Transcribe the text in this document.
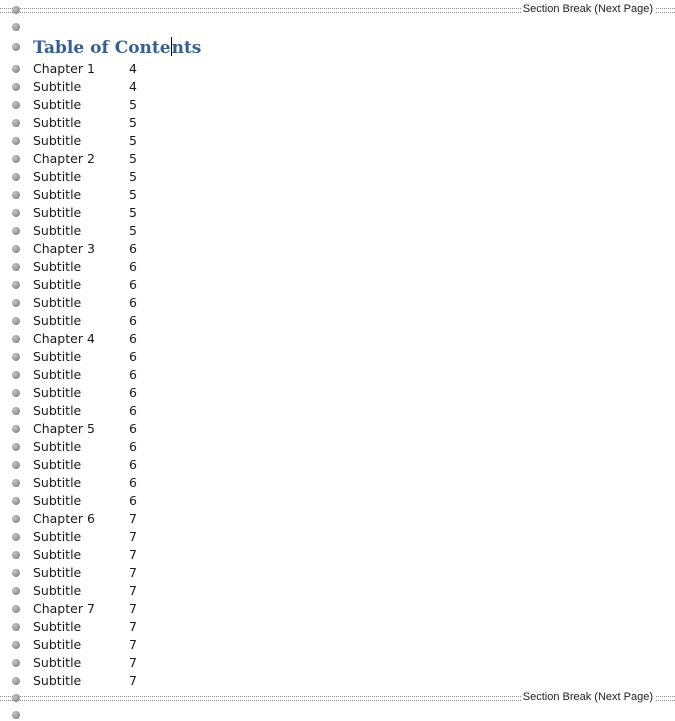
Section Break (Next Page)
Table of Contents
Chapter 1	4
Subtitle	4
Subtitle	5
Subtitle	5
Subtitle	5
Chapter 2	5
Subtitle	5
Subtitle	5
Subtitle	5
Subtitle	5
Chapter 3	6
Subtitle	6
Subtitle	6
Subtitle	6
Subtitle	6
Chapter 4	6
Subtitle	6
Subtitle	6
Subtitle	6
Subtitle	6
Chapter 5	6
Subtitle	6
Subtitle	6
Subtitle	6
Subtitle	6
Chapter 6	7
Subtitle	7
Subtitle	7
Subtitle	7
Subtitle	7
Chapter 7	7
Subtitle	7
Subtitle	7
Subtitle	7
Subtitle	7
Section Break (Next Page)
